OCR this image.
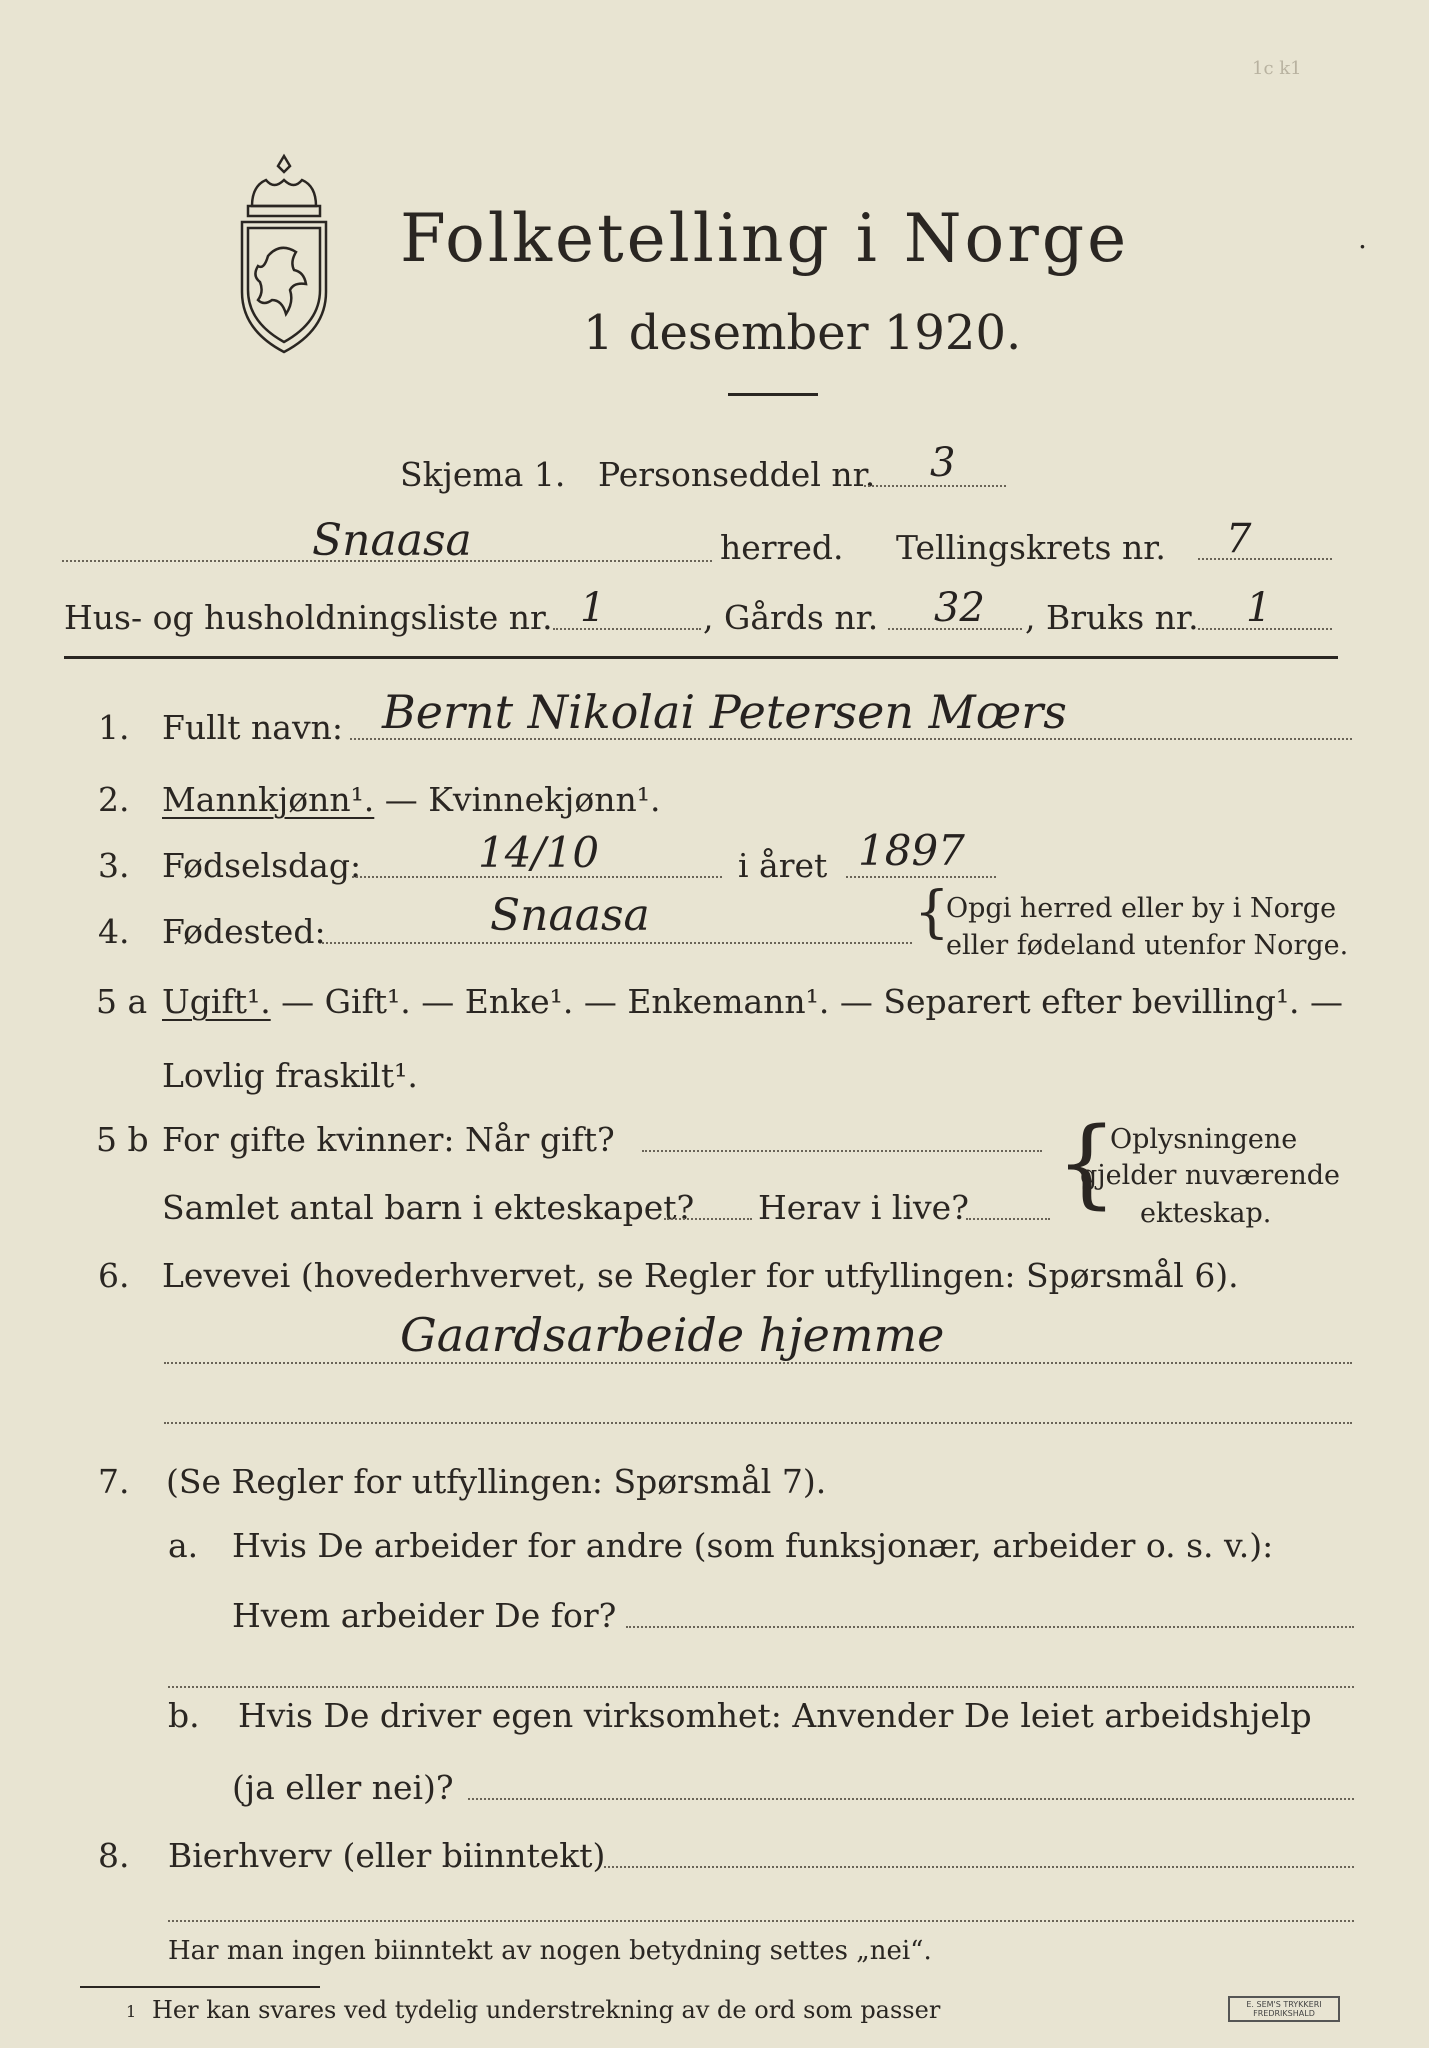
1c k1
Folketelling i Norge
1 desember 1920.
.
Skjema 1. Personseddel nr. 3
Snaasa	herred. Tellingskrets nr. 7
Hus- og husholdningsliste nr. 1	, Gårds nr. 32 , Bruks nr. 1
1. Fullt navn: Bernt Nikolai Petersen Mœrs
2. Mannkjønn¹. — Kvinnekjønn¹.
3. Fødselsdag:	14/10	i året 1897
4. Fødested:	Snaasa	{
Opgi herred eller by i Norge
eller fødeland utenfor Norge.
5 a Ugift¹. — Gift¹. — Enke¹. — Enkemann¹. — Separert efter bevilling¹. —
Lovlig fraskilt¹.
5 b For gifte kvinner: Når gift?
Samlet antal barn i ekteskapet? Herav i live? {
Oplysningene
gjelder nuværende
ekteskap.
6. Levevei (hovederhvervet, se Regler for utfyllingen: Spørsmål 6).
Gaardsarbeide hjemme
7. (Se Regler for utfyllingen: Spørsmål 7).
a. Hvis De arbeider for andre (som funksjonær, arbeider o. s. v.):
Hvem arbeider De for?
b. Hvis De driver egen virksomhet: Anvender De leiet arbeidshjelp
(ja eller nei)?
8. Bierhverv (eller biinntekt)
Har man ingen biinntekt av nogen betydning settes „nei“.
1 Her kan svares ved tydelig understrekning av de ord som passer	E. SEM'S TRYKKERI
FREDRIKSHALD
